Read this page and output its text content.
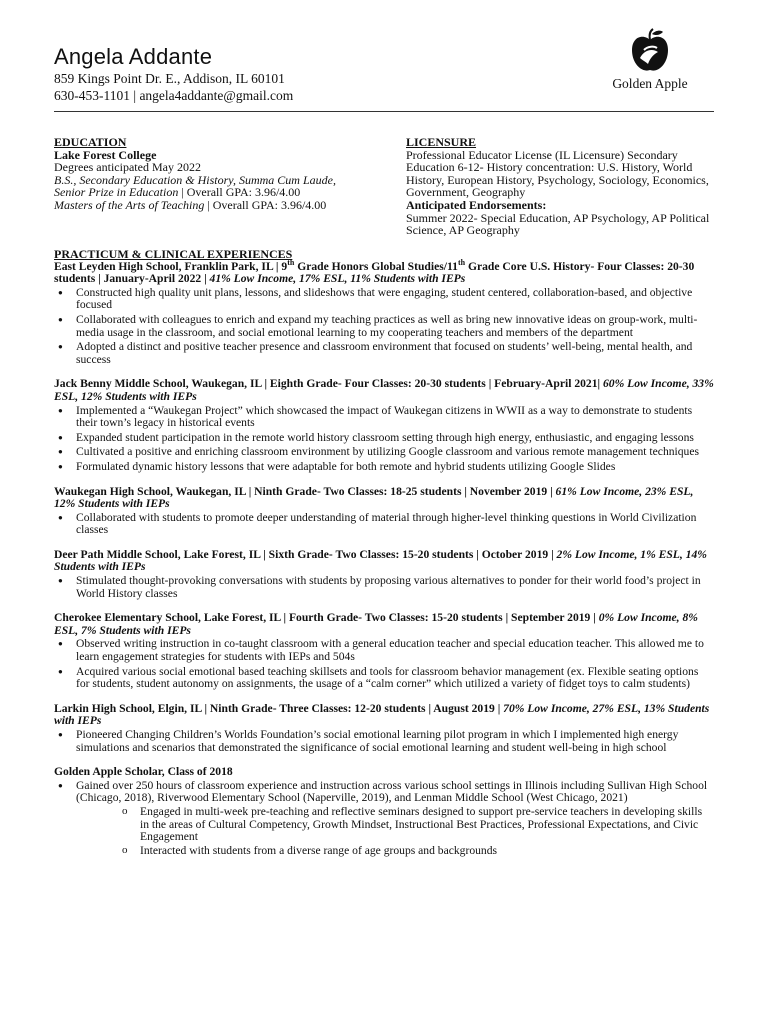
Angela Addante
859 Kings Point Dr. E., Addison, IL 60101
630-453-1101 | angela4addante@gmail.com
Golden Apple
EDUCATION
Lake Forest College
Degrees anticipated May 2022
B.S., Secondary Education & History, Summa Cum Laude,
Senior Prize in Education | Overall GPA: 3.96/4.00
Masters of the Arts of Teaching | Overall GPA: 3.96/4.00
LICENSURE
Professional Educator License (IL Licensure) Secondary Education 6-12- History concentration: U.S. History, World History, European History, Psychology, Sociology, Economics, Government, Geography
Anticipated Endorsements:
Summer 2022- Special Education, AP Psychology, AP Political Science, AP Geography
PRACTICUM & CLINICAL EXPERIENCES
East Leyden High School, Franklin Park, IL | 9th Grade Honors Global Studies/11th Grade Core U.S. History- Four Classes: 20-30 students | January-April 2022 | 41% Low Income, 17% ESL, 11% Students with IEPs
● Constructed high quality unit plans, lessons, and slideshows that were engaging, student centered, collaboration-based, and objective focused
● Collaborated with colleagues to enrich and expand my teaching practices as well as bring new innovative ideas on group-work, multi-media usage in the classroom, and social emotional learning to my cooperating teachers and members of the department
● Adopted a distinct and positive teacher presence and classroom environment that focused on students’ well-being, mental health, and success
Jack Benny Middle School, Waukegan, IL | Eighth Grade- Four Classes: 20-30 students | February-April 2021| 60% Low Income, 33% ESL, 12% Students with IEPs
● Implemented a “Waukegan Project” which showcased the impact of Waukegan citizens in WWII as a way to demonstrate to students their town’s legacy in historical events
● Expanded student participation in the remote world history classroom setting through high energy, enthusiastic, and engaging lessons
● Cultivated a positive and enriching classroom environment by utilizing Google classroom and various remote management techniques
● Formulated dynamic history lessons that were adaptable for both remote and hybrid students utilizing Google Slides
Waukegan High School, Waukegan, IL | Ninth Grade- Two Classes: 18-25 students | November 2019 | 61% Low Income, 23% ESL, 12% Students with IEPs
● Collaborated with students to promote deeper understanding of material through higher-level thinking questions in World Civilization classes
Deer Path Middle School, Lake Forest, IL | Sixth Grade- Two Classes: 15-20 students | October 2019 | 2% Low Income, 1% ESL, 14% Students with IEPs
● Stimulated thought-provoking conversations with students by proposing various alternatives to ponder for their world food’s project in World History classes
Cherokee Elementary School, Lake Forest, IL | Fourth Grade- Two Classes: 15-20 students | September 2019 | 0% Low Income, 8% ESL, 7% Students with IEPs
● Observed writing instruction in co-taught classroom with a general education teacher and special education teacher. This allowed me to learn engagement strategies for students with IEPs and 504s
● Acquired various social emotional based teaching skillsets and tools for classroom behavior management (ex. Flexible seating options for students, student autonomy on assignments, the usage of a “calm corner” which utilized a variety of fidget toys to calm students)
Larkin High School, Elgin, IL | Ninth Grade- Three Classes: 12-20 students | August 2019 | 70% Low Income, 27% ESL, 13% Students with IEPs
● Pioneered Changing Children’s Worlds Foundation’s social emotional learning pilot program in which I implemented high energy simulations and scenarios that demonstrated the significance of social emotional learning and student well-being in high school
Golden Apple Scholar, Class of 2018
● Gained over 250 hours of classroom experience and instruction across various school settings in Illinois including Sullivan High School (Chicago, 2018), Riverwood Elementary School (Naperville, 2019), and Lenman Middle School (West Chicago, 2021)
o Engaged in multi-week pre-teaching and reflective seminars designed to support pre-service teachers in developing skills in the areas of Cultural Competency, Growth Mindset, Instructional Best Practices, Professional Expectations, and Civic Engagement
o Interacted with students from a diverse range of age groups and backgrounds
